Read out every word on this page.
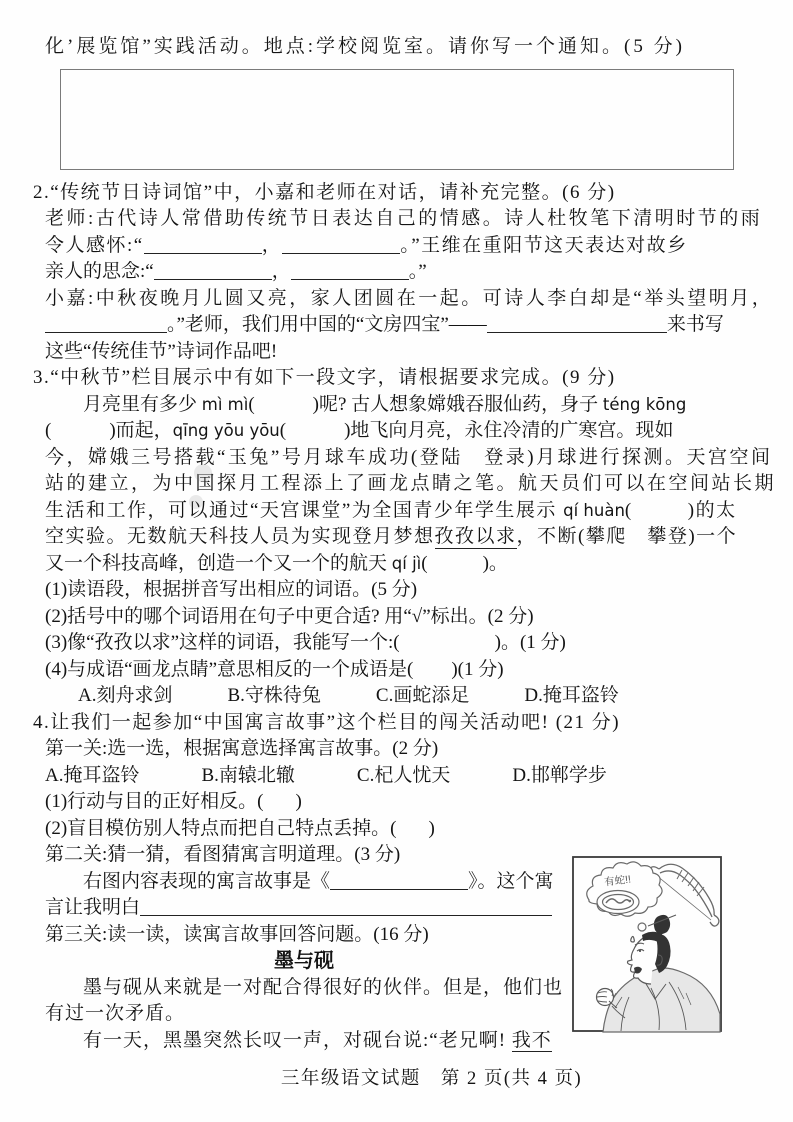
化’展览馆”实践活动。地点:学校阅览室。请你写一个通知。(5 分)
2.“传统节日诗词馆”中，小嘉和老师在对话，请补充完整。(6 分)
老师:古代诗人常借助传统节日表达自己的情感。诗人杜牧笔下清明时节的雨
令人感怀:“	，	。”王维在重阳节这天表达对故乡
亲人的思念:“	，	。”
小嘉:中秋夜晚月儿圆又亮，家人团圆在一起。可诗人李白却是“举头望明月，
。”老师，我们用中国的“文房四宝”——	来书写
这些“传统佳节”诗词作品吧!
3.“中秋节”栏目展示中有如下一段文字，请根据要求完成。(9 分)
月亮里有多少 mì mì(	)呢? 古人想象嫦娥吞服仙药，身子 téng kōng
(	)而起，qīng yōu yōu(	)地飞向月亮，永住冷清的广寒宫。现如
今，嫦娥三号搭载“玉兔”号月球车成功(登陆　登录)月球进行探测。天宫空间
站的建立，为中国探月工程添上了画龙点睛之笔。航天员们可以在空间站长期
生活和工作，可以通过“天宫课堂”为全国青少年学生展示 qí huàn(	)的太
空实验。无数航天科技人员为实现登月梦想孜孜以求，不断(攀爬　攀登)一个
又一个科技高峰，创造一个又一个的航天 qí jì(	)。
(1)读语段，根据拼音写出相应的词语。(5 分)
(2)括号中的哪个词语用在句子中更合适? 用“√”标出。(2 分)
(3)像“孜孜以求”这样的词语，我能写一个:(	)。(1 分)
(4)与成语“画龙点睛”意思相反的一个成语是( )(1 分)
A.刻舟求剑	B.守株待兔	C.画蛇添足	D.掩耳盗铃
4.让我们一起参加“中国寓言故事”这个栏目的闯关活动吧! (21 分)
第一关:选一选，根据寓意选择寓言故事。(2 分)
A.掩耳盗铃	B.南辕北辙	C.杞人忧天	D.邯郸学步
(1)行动与目的正好相反。( )
(2)盲目模仿别人特点而把自己特点丢掉。( )
第二关:猜一猜，看图猜寓言明道理。(3 分)
右图内容表现的寓言故事是《	》。这个寓
言让我明白
第三关:读一读，读寓言故事回答问题。(16 分)
墨与砚
墨与砚从来就是一对配合得很好的伙伴。但是，他们也
有过一次矛盾。
有一天，黑墨突然长叹一声，对砚台说:“老兄啊! 我不
有蛇!!
三年级语文试题　第 2 页(共 4 页)
